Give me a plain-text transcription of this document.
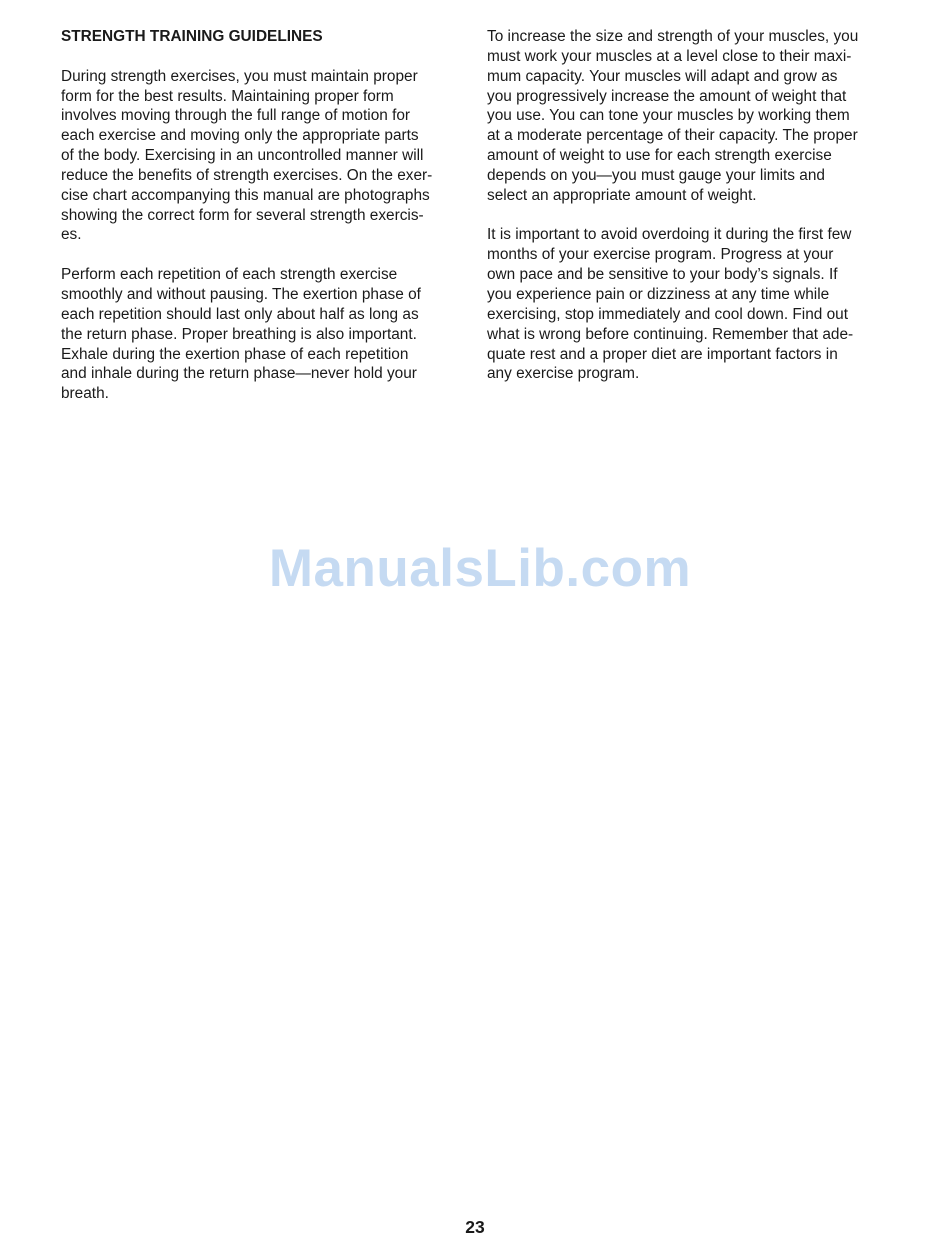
STRENGTH TRAINING GUIDELINES
During strength exercises, you must maintain proper
form for the best results. Maintaining proper form
involves moving through the full range of motion for
each exercise and moving only the appropriate parts
of the body. Exercising in an uncontrolled manner will
reduce the benefits of strength exercises. On the exer-
cise chart accompanying this manual are photographs
showing the correct form for several strength exercis-
es.
Perform each repetition of each strength exercise
smoothly and without pausing. The exertion phase of
each repetition should last only about half as long as
the return phase. Proper breathing is also important.
Exhale during the exertion phase of each repetition
and inhale during the return phase—never hold your
breath.
To increase the size and strength of your muscles, you
must work your muscles at a level close to their maxi-
mum capacity. Your muscles will adapt and grow as
you progressively increase the amount of weight that
you use. You can tone your muscles by working them
at a moderate percentage of their capacity. The proper
amount of weight to use for each strength exercise
depends on you—you must gauge your limits and
select an appropriate amount of weight.
It is important to avoid overdoing it during the first few
months of your exercise program. Progress at your
own pace and be sensitive to your body’s signals. If
you experience pain or dizziness at any time while
exercising, stop immediately and cool down. Find out
what is wrong before continuing. Remember that ade-
quate rest and a proper diet are important factors in
any exercise program.
ManualsLib.com
23
